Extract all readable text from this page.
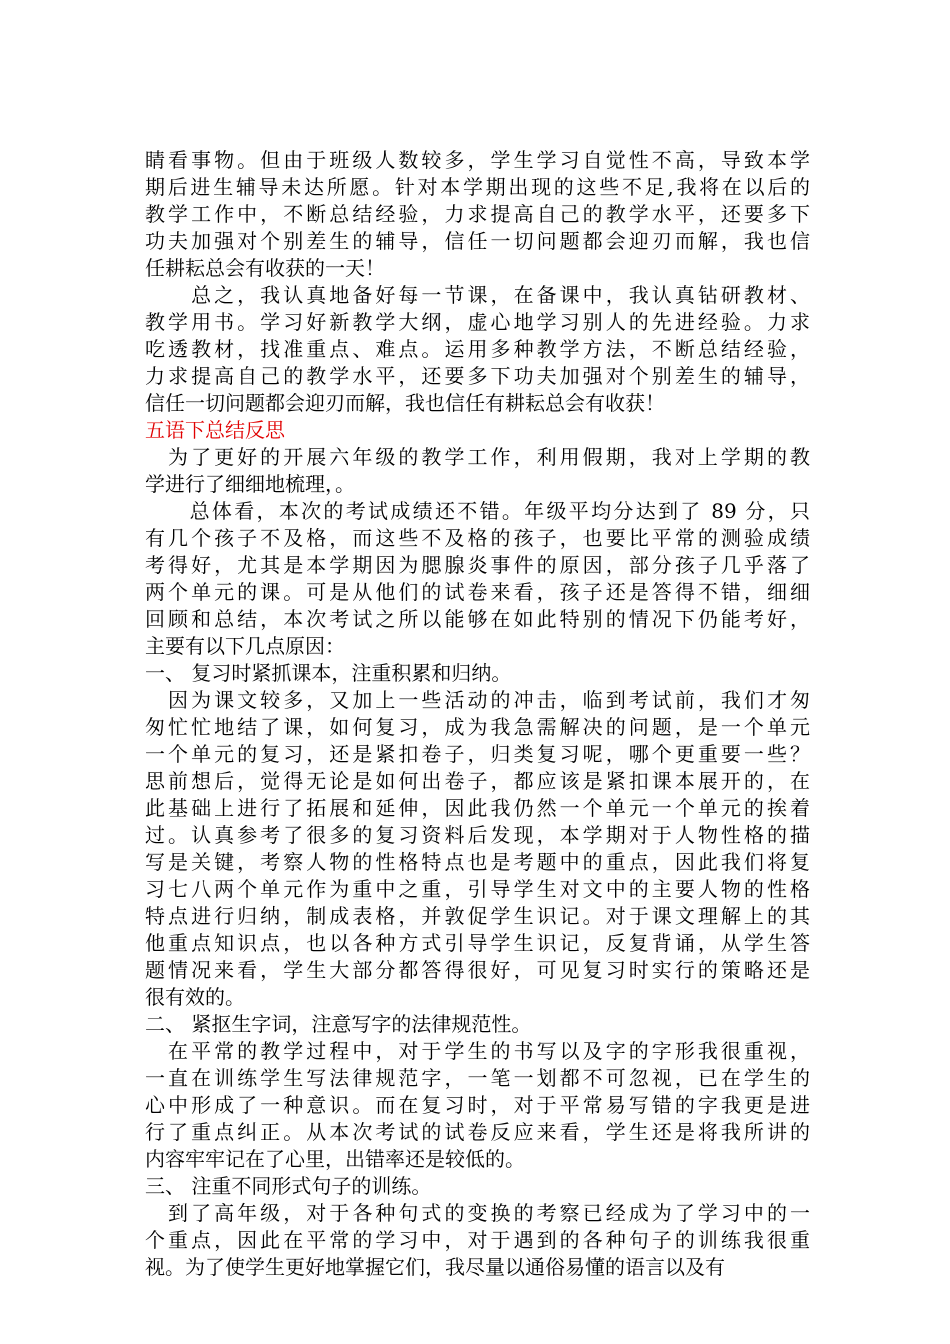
睛看事物。但由于班级人数较多，学生学习自觉性不高，导致本学
期后进生辅导未达所愿。针对本学期出现的这些不足,我将在以后的
教学工作中，不断总结经验，力求提高自己的教学水平，还要多下
功夫加强对个别差生的辅导，信任一切问题都会迎刃而解，我也信
任耕耘总会有收获的一天！
　　总之，我认真地备好每一节课，在备课中，我认真钻研教材、
教学用书。学习好新教学大纲，虚心地学习别人的先进经验。力求
吃透教材，找准重点、难点。运用多种教学方法，不断总结经验，
力求提高自己的教学水平，还要多下功夫加强对个别差生的辅导，
信任一切问题都会迎刃而解，我也信任有耕耘总会有收获！
五语下总结反思
　为了更好的开展六年级的教学工作，利用假期，我对上学期的教
学进行了细细地梳理，。
　　总体看，本次的考试成绩还不错。年级平均分达到了 89 分，只
有几个孩子不及格，而这些不及格的孩子，也要比平常的测验成绩
考得好，尤其是本学期因为腮腺炎事件的原因，部分孩子几乎落了
两个单元的课。可是从他们的试卷来看，孩子还是答得不错，细细
回顾和总结，本次考试之所以能够在如此特别的情况下仍能考好，
主要有以下几点原因：
一、 复习时紧抓课本，注重积累和归纳。
　因为课文较多，又加上一些活动的冲击，临到考试前，我们才匆
匆忙忙地结了课，如何复习，成为我急需解决的问题，是一个单元
一个单元的复习，还是紧扣卷子，归类复习呢，哪个更重要一些？
思前想后，觉得无论是如何出卷子，都应该是紧扣课本展开的，在
此基础上进行了拓展和延伸，因此我仍然一个单元一个单元的挨着
过。认真参考了很多的复习资料后发现，本学期对于人物性格的描
写是关键，考察人物的性格特点也是考题中的重点，因此我们将复
习七八两个单元作为重中之重，引导学生对文中的主要人物的性格
特点进行归纳，制成表格，并敦促学生识记。对于课文理解上的其
他重点知识点，也以各种方式引导学生识记，反复背诵，从学生答
题情况来看，学生大部分都答得很好，可见复习时实行的策略还是
很有效的。
二、 紧抠生字词，注意写字的法律规范性。
　在平常的教学过程中，对于学生的书写以及字的字形我很重视，
一直在训练学生写法律规范字，一笔一划都不可忽视，已在学生的
心中形成了一种意识。而在复习时，对于平常易写错的字我更是进
行了重点纠正。从本次考试的试卷反应来看，学生还是将我所讲的
内容牢牢记在了心里，出错率还是较低的。
三、 注重不同形式句子的训练。
　到了高年级，对于各种句式的变换的考察已经成为了学习中的一
个重点，因此在平常的学习中，对于遇到的各种句子的训练我很重
视。为了使学生更好地掌握它们，我尽量以通俗易懂的语言以及有
